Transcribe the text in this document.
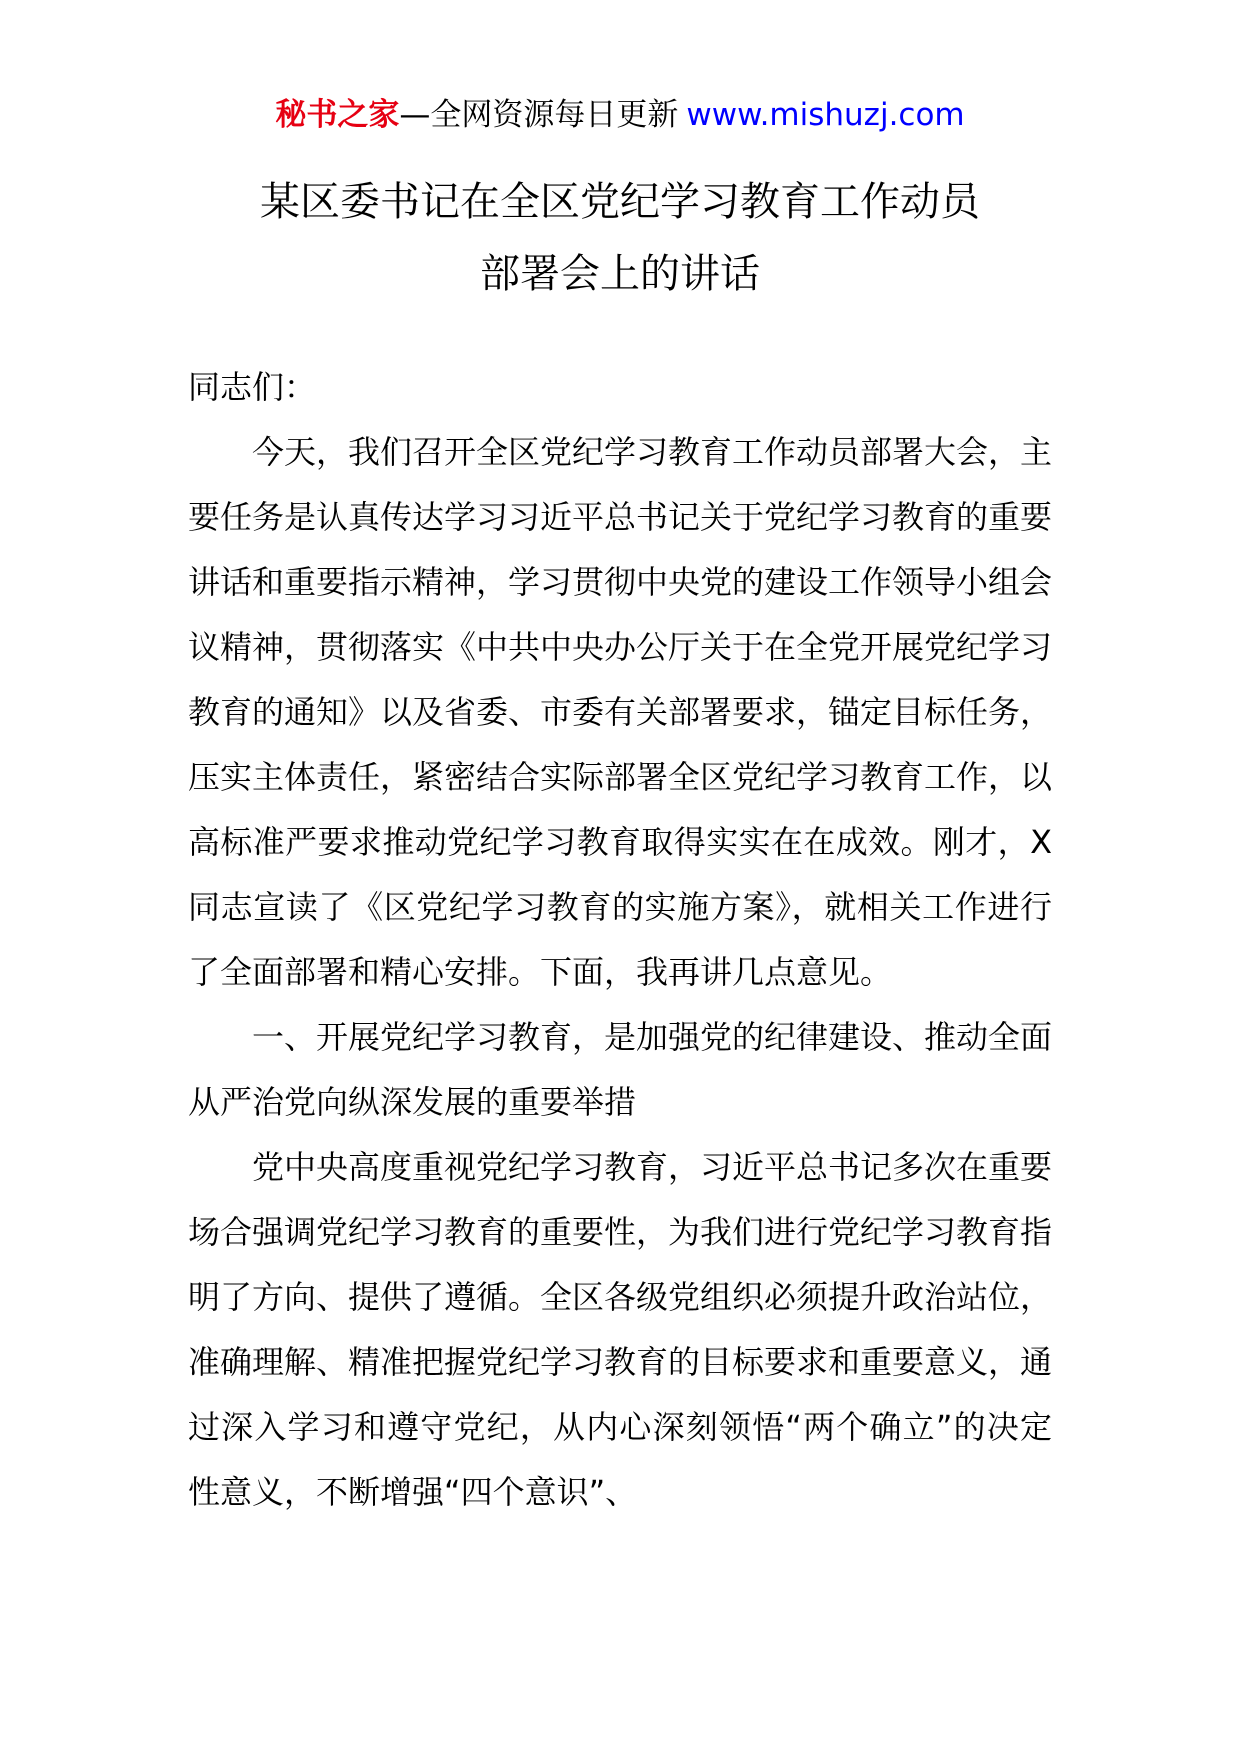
秘书之家—全网资源每日更新 www.mishuzj.com
某区委书记在全区党纪学习教育工作动员
部署会上的讲话

同志们：

今天，我们召开全区党纪学习教育工作动员部署大会，主要任务是认真传达学习习近平总书记关于党纪学习教育的重要讲话和重要指示精神，学习贯彻中央党的建设工作领导小组会议精神，贯彻落实《中共中央办公厅关于在全党开展党纪学习教育的通知》以及省委、市委有关部署要求，锚定目标任务，压实主体责任，紧密结合实际部署全区党纪学习教育工作，以高标准严要求推动党纪学习教育取得实实在在成效。刚才，X同志宣读了《区党纪学习教育的实施方案》，就相关工作进行了全面部署和精心安排。下面，我再讲几点意见。

一、开展党纪学习教育，是加强党的纪律建设、推动全面从严治党向纵深发展的重要举措

党中央高度重视党纪学习教育，习近平总书记多次在重要场合强调党纪学习教育的重要性，为我们进行党纪学习教育指明了方向、提供了遵循。全区各级党组织必须提升政治站位，准确理解、精准把握党纪学习教育的目标要求和重要意义，通过深入学习和遵守党纪，从内心深刻领悟“两个确立”的决定性意义，不断增强“四个意识”、
